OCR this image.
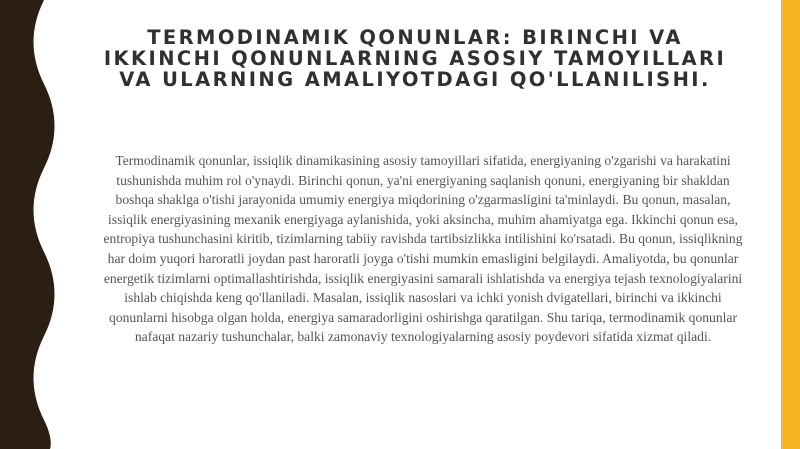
TERMODINAMIK QONUNLAR: BIRINCHI VA IKKINCHI QONUNLARNING ASOSIY TAMOYILLARI VA ULARNING AMALIYOTDAGI QO'LLANILISHI.

Termodinamik qonunlar, issiqlik dinamikasining asosiy tamoyillari sifatida, energiyaning o'zgarishi va harakatini tushunishda muhim rol o'ynaydi. Birinchi qonun, ya'ni energiyaning saqlanish qonuni, energiyaning bir shakldan boshqa shaklga o'tishi jarayonida umumiy energiya miqdorining o'zgarmasligini ta'minlaydi. Bu qonun, masalan, issiqlik energiyasining mexanik energiyaga aylanishida, yoki aksincha, muhim ahamiyatga ega. Ikkinchi qonun esa, entropiya tushunchasini kiritib, tizimlarning tabiiy ravishda tartibsizlikka intilishini ko'rsatadi. Bu qonun, issiqlikning har doim yuqori haroratli joydan past haroratli joyga o'tishi mumkin emasligini belgilaydi. Amaliyotda, bu qonunlar energetik tizimlarni optimallashtirishda, issiqlik energiyasini samarali ishlatishda va energiya tejash texnologiyalarini ishlab chiqishda keng qo'llaniladi. Masalan, issiqlik nasoslari va ichki yonish dvigatellari, birinchi va ikkinchi qonunlarni hisobga olgan holda, energiya samaradorligini oshirishga qaratilgan. Shu tariqa, termodinamik qonunlar nafaqat nazariy tushunchalar, balki zamonaviy texnologiyalarning asosiy poydevori sifatida xizmat qiladi.
